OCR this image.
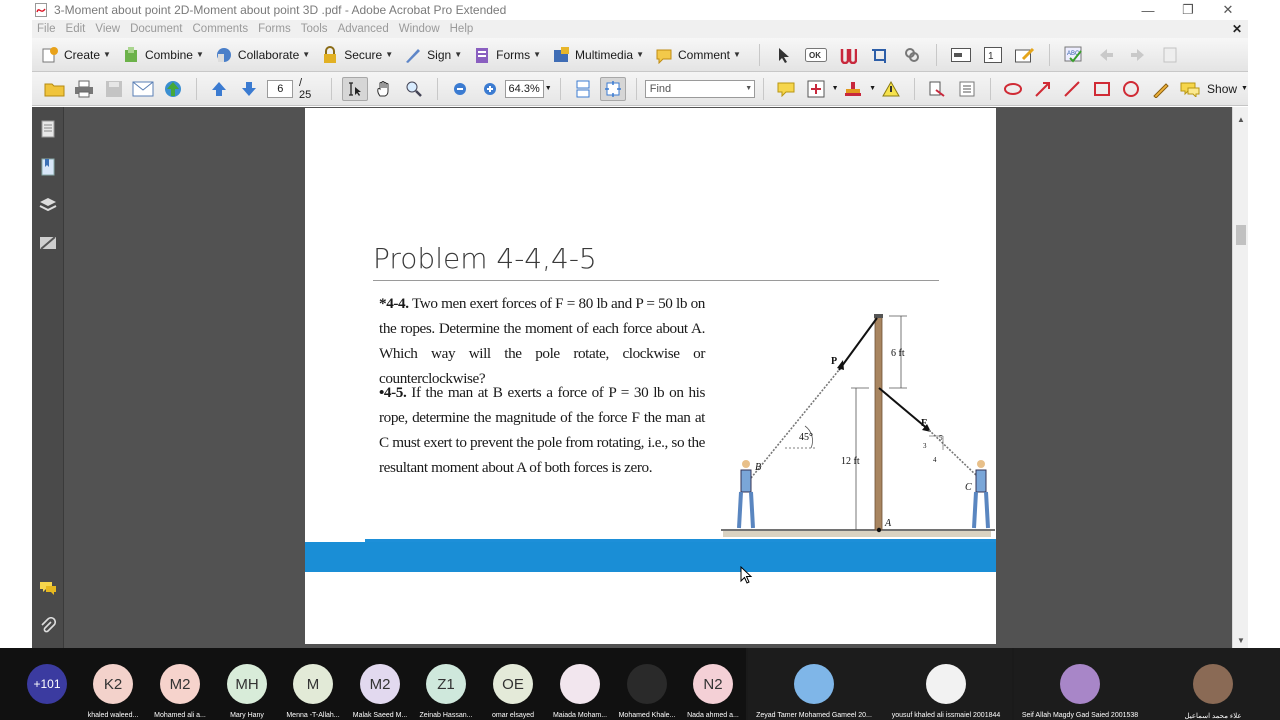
3-Moment about point 2D-Moment about point 3D .pdf - Adobe Acrobat Pro Extended	—	❐	✕
File Edit View Document Comments Forms Tools Advanced Window Help	✕
Create ▼	Combine ▼	Collaborate ▼	Secure ▼	Sign ▼	Forms ▼	Multimedia ▼	Comment ▼	OK	1	ABC
6	/ 25	64.3% ▼	Find	▼	▼	▼	Show ▼
▲
▼
Problem 4-4,4-5
*4-4. Two men exert forces of F = 80 lb and P = 50 lb on the ropes. Determine the moment of each force about A. Which way will the pole rotate, clockwise or counterclockwise?
•4-5. If the man at B exerts a force of P = 30 lb on his rope, determine the magnitude of the force F the man at C must exert to prevent the pole from rotating, i.e., so the resultant moment about A of both forces is zero.
P
F
6 ft
12 ft
45°
B
C
A
3
4
5
+101	K2
khaled waleed...
M2
Mohamed ali a...
MH
Mary Hany
M
Menna -T-Allah...
M2
Malak Saeed M...
Z1
Zeinab Hassan...
OE
omar elsayed	Maiada Moham... Mohamed Khale...
N2
Nada ahmed a... Zeyad Tamer Mohamed Gameel 20...	yousuf khaled ali issmaiel 2001844	Seif Allah Magdy Gad Saied 2001538	علاء محمد اسماعيل
